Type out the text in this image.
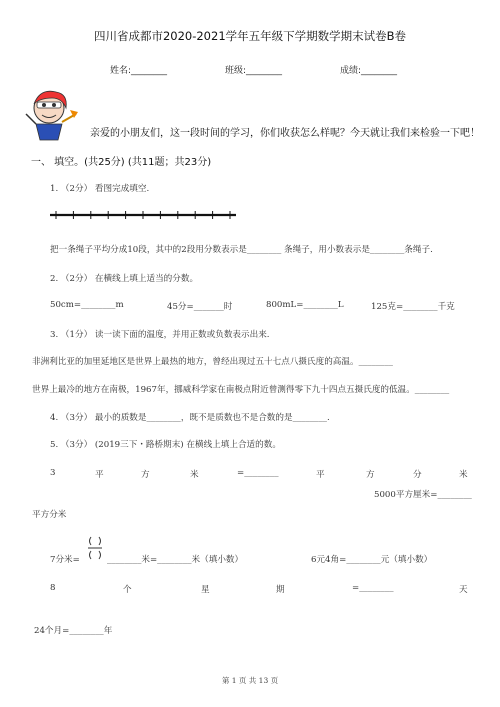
四川省成都市2020-2021学年五年级下学期数学期末试卷B卷
姓名:________	班级:________	成绩:________
亲爱的小朋友们，这一段时间的学习，你们收获怎么样呢？今天就让我们来检验一下吧！
一、 填空。(共25分) (共11题；共23分)
1. （2分） 看图完成填空.
把一条绳子平均分成10段，其中的2段用分数表示是________ 条绳子，用小数表示是________条绳子.
2. （2分） 在横线上填上适当的分数。
50cm=________m	45分=_______时	800mL=________L	125克=________千克
3. （1分） 读一读下面的温度，并用正数或负数表示出来.
非洲利比亚的加里延地区是世界上最热的地方，曾经出现过五十七点八摄氏度的高温。________
世界上最冷的地方在南极，1967年，挪威科学家在南极点附近曾测得零下九十四点五摄氏度的低温。________
4. （3分） 最小的质数是________，既不是质数也不是合数的是________.
5. （3分） (2019三下・路桥期末) 在横线上填上合适的数。
3	平	方	米	=________	平	方	分	米
5000平方厘米=________
平方分米
7分米=	________米=________米（填小数）	6元4角=________元（填小数）
8	个	星	期	=________	天
24个月=________年
第 1 页 共 13 页
